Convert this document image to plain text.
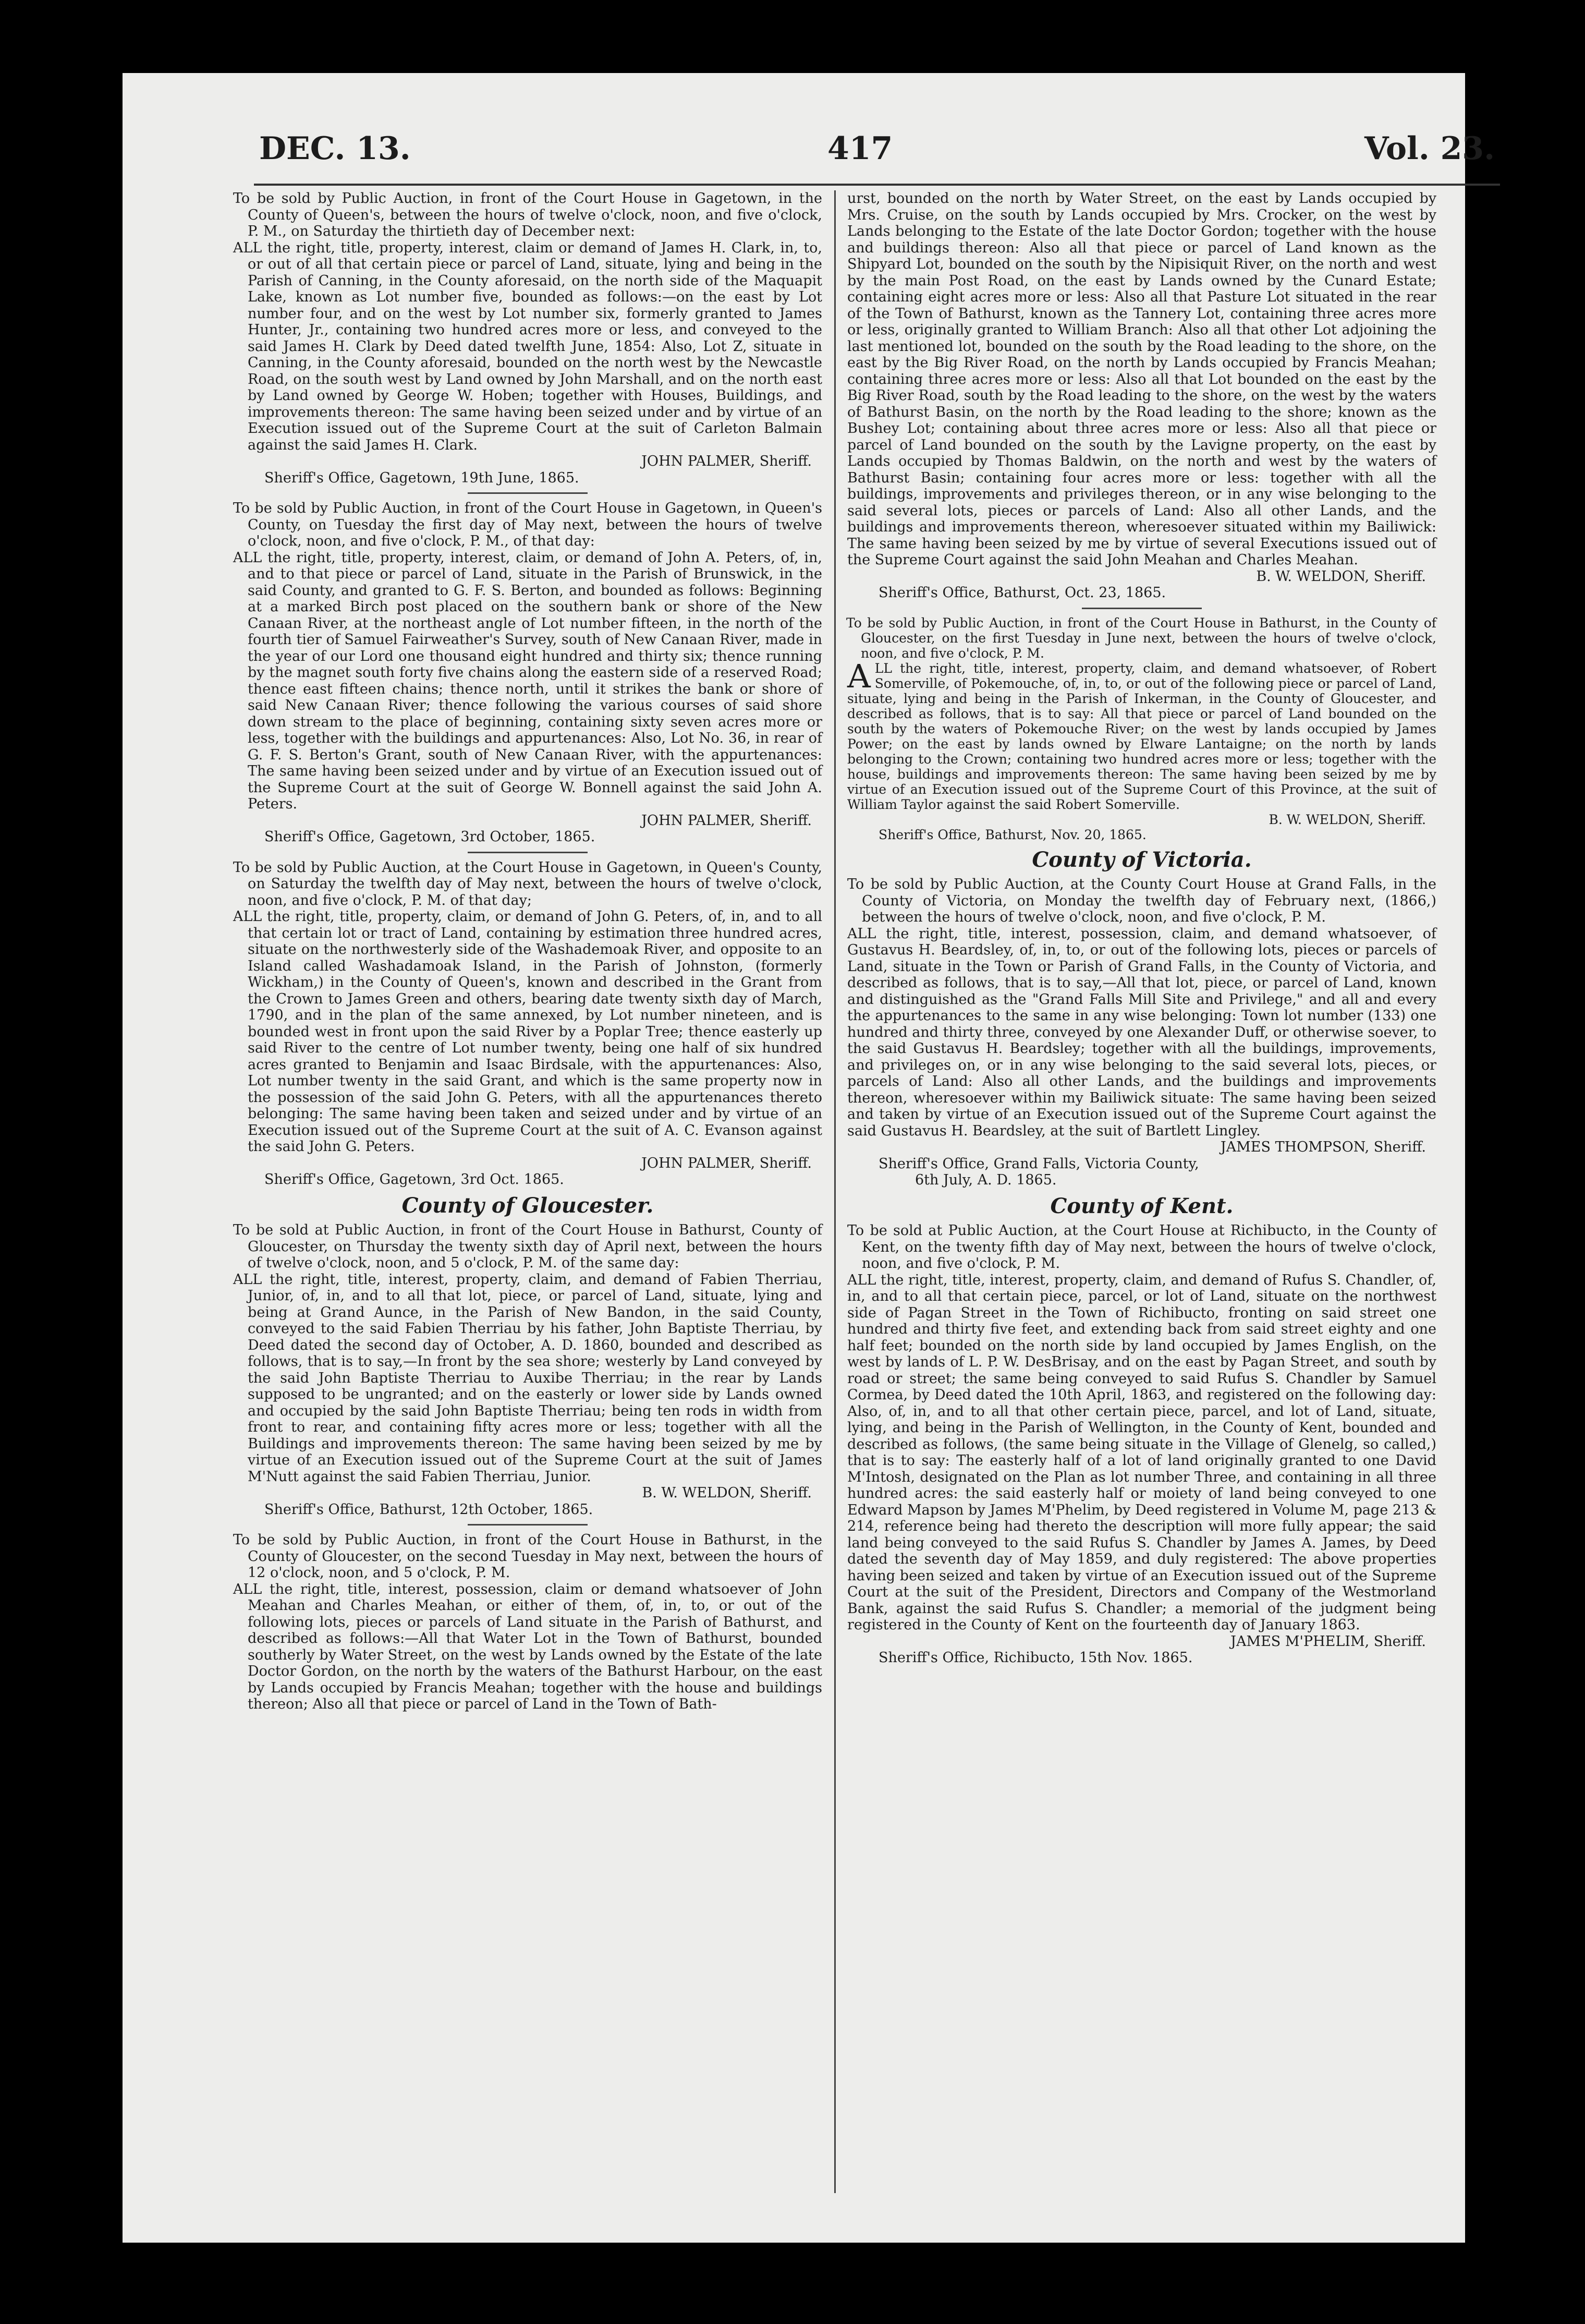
DEC. 13.	417	Vol. 23.

To be sold by Public Auction, in front of the Court House in Gagetown, in the County of Queen's, between the hours of twelve o'clock, noon, and five o'clock, P. M., on Saturday the thirtieth day of December next:

ALL the right, title, property, interest, claim or demand of James H. Clark, in, to, or out of all that certain piece or parcel of Land, situate, lying and being in the Parish of Canning, in the County aforesaid, on the north side of the Maquapit Lake, known as Lot number five, bounded as follows:—on the east by Lot number four, and on the west by Lot number six, formerly granted to James Hunter, Jr., containing two hundred acres more or less, and conveyed to the said James H. Clark by Deed dated twelfth June, 1854: Also, Lot Z, situate in Canning, in the County aforesaid, bounded on the north west by the Newcastle Road, on the south west by Land owned by John Marshall, and on the north east by Land owned by George W. Hoben; together with Houses, Buildings, and improvements thereon: The same having been seized under and by virtue of an Execution issued out of the Supreme Court at the suit of Carleton Balmain against the said James H. Clark.

JOHN PALMER, Sheriff.

Sheriff's Office, Gagetown, 19th June, 1865.

To be sold by Public Auction, in front of the Court House in Gagetown, in Queen's County, on Tuesday the first day of May next, between the hours of twelve o'clock, noon, and five o'clock, P. M., of that day:

ALL the right, title, property, interest, claim, or demand of John A. Peters, of, in, and to that piece or parcel of Land, situate in the Parish of Brunswick, in the said County, and granted to G. F. S. Berton, and bounded as follows: Beginning at a marked Birch post placed on the southern bank or shore of the New Canaan River, at the northeast angle of Lot number fifteen, in the north of the fourth tier of Samuel Fairweather's Survey, south of New Canaan River, made in the year of our Lord one thousand eight hundred and thirty six; thence running by the magnet south forty five chains along the eastern side of a reserved Road; thence east fifteen chains; thence north, until it strikes the bank or shore of said New Canaan River; thence following the various courses of said shore down stream to the place of beginning, containing sixty seven acres more or less, together with the buildings and appurtenances: Also, Lot No. 36, in rear of G. F. S. Berton's Grant, south of New Canaan River, with the appurtenances: The same having been seized under and by virtue of an Execution issued out of the Supreme Court at the suit of George W. Bonnell against the said John A. Peters.

JOHN PALMER, Sheriff.

Sheriff's Office, Gagetown, 3rd October, 1865.

To be sold by Public Auction, at the Court House in Gagetown, in Queen's County, on Saturday the twelfth day of May next, between the hours of twelve o'clock, noon, and five o'clock, P. M. of that day;

ALL the right, title, property, claim, or demand of John G. Peters, of, in, and to all that certain lot or tract of Land, containing by estimation three hundred acres, situate on the northwesterly side of the Washademoak River, and opposite to an Island called Washadamoak Island, in the Parish of Johnston, (formerly Wickham,) in the County of Queen's, known and described in the Grant from the Crown to James Green and others, bearing date twenty sixth day of March, 1790, and in the plan of the same annexed, by Lot number nineteen, and is bounded west in front upon the said River by a Poplar Tree; thence easterly up said River to the centre of Lot number twenty, being one half of six hundred acres granted to Benjamin and Isaac Birdsale, with the appurtenances: Also, Lot number twenty in the said Grant, and which is the same property now in the possession of the said John G. Peters, with all the appurtenances thereto belonging: The same having been taken and seized under and by virtue of an Execution issued out of the Supreme Court at the suit of A. C. Evanson against the said John G. Peters.

JOHN PALMER, Sheriff.

Sheriff's Office, Gagetown, 3rd Oct. 1865.

County of Gloucester.

To be sold at Public Auction, in front of the Court House in Bathurst, County of Gloucester, on Thursday the twenty sixth day of April next, between the hours of twelve o'clock, noon, and 5 o'clock, P. M. of the same day:

ALL the right, title, interest, property, claim, and demand of Fabien Therriau, Junior, of, in, and to all that lot, piece, or parcel of Land, situate, lying and being at Grand Aunce, in the Parish of New Bandon, in the said County, conveyed to the said Fabien Therriau by his father, John Baptiste Therriau, by Deed dated the second day of October, A. D. 1860, bounded and described as follows, that is to say,—In front by the sea shore; westerly by Land conveyed by the said John Baptiste Therriau to Auxibe Therriau; in the rear by Lands supposed to be ungranted; and on the easterly or lower side by Lands owned and occupied by the said John Baptiste Therriau; being ten rods in width from front to rear, and containing fifty acres more or less; together with all the Buildings and improvements thereon: The same having been seized by me by virtue of an Execution issued out of the Supreme Court at the suit of James M'Nutt against the said Fabien Therriau, Junior.

B. W. WELDON, Sheriff.

Sheriff's Office, Bathurst, 12th October, 1865.

To be sold by Public Auction, in front of the Court House in Bathurst, in the County of Gloucester, on the second Tuesday in May next, between the hours of 12 o'clock, noon, and 5 o'clock, P. M.

ALL the right, title, interest, possession, claim or demand whatsoever of John Meahan and Charles Meahan, or either of them, of, in, to, or out of the following lots, pieces or parcels of Land situate in the Parish of Bathurst, and described as follows:—All that Water Lot in the Town of Bathurst, bounded southerly by Water Street, on the west by Lands owned by the Estate of the late Doctor Gordon, on the north by the waters of the Bathurst Harbour, on the east by Lands occupied by Francis Meahan; together with the house and buildings thereon; Also all that piece or parcel of Land in the Town of Bath-

urst, bounded on the north by Water Street, on the east by Lands occupied by Mrs. Cruise, on the south by Lands occupied by Mrs. Crocker, on the west by Lands belonging to the Estate of the late Doctor Gordon; together with the house and buildings thereon: Also all that piece or parcel of Land known as the Shipyard Lot, bounded on the south by the Nipisiquit River, on the north and west by the main Post Road, on the east by Lands owned by the Cunard Estate; containing eight acres more or less: Also all that Pasture Lot situated in the rear of the Town of Bathurst, known as the Tannery Lot, containing three acres more or less, originally granted to William Branch: Also all that other Lot adjoining the last mentioned lot, bounded on the south by the Road leading to the shore, on the east by the Big River Road, on the north by Lands occupied by Francis Meahan; containing three acres more or less: Also all that Lot bounded on the east by the Big River Road, south by the Road leading to the shore, on the west by the waters of Bathurst Basin, on the north by the Road leading to the shore; known as the Bushey Lot; containing about three acres more or less: Also all that piece or parcel of Land bounded on the south by the Lavigne property, on the east by Lands occupied by Thomas Baldwin, on the north and west by the waters of Bathurst Basin; containing four acres more or less: together with all the buildings, improvements and privileges thereon, or in any wise belonging to the said several lots, pieces or parcels of Land: Also all other Lands, and the buildings and improvements thereon, wheresoever situated within my Bailiwick: The same having been seized by me by virtue of several Executions issued out of the Supreme Court against the said John Meahan and Charles Meahan.

B. W. WELDON, Sheriff.

Sheriff's Office, Bathurst, Oct. 23, 1865.

To be sold by Public Auction, in front of the Court House in Bathurst, in the County of Gloucester, on the first Tuesday in June next, between the hours of twelve o'clock, noon, and five o'clock, P. M.

ALL the right, title, interest, property, claim, and demand whatsoever, of Robert Somerville, of Pokemouche, of, in, to, or out of the following piece or parcel of Land, situate, lying and being in the Parish of Inkerman, in the County of Gloucester, and described as follows, that is to say: All that piece or parcel of Land bounded on the south by the waters of Pokemouche River; on the west by lands occupied by James Power; on the east by lands owned by Elware Lantaigne; on the north by lands belonging to the Crown; containing two hundred acres more or less; together with the house, buildings and improvements thereon: The same having been seized by me by virtue of an Execution issued out of the Supreme Court of this Province, at the suit of William Taylor against the said Robert Somerville.

B. W. WELDON, Sheriff.

Sheriff's Office, Bathurst, Nov. 20, 1865.

County of Victoria.

To be sold by Public Auction, at the County Court House at Grand Falls, in the County of Victoria, on Monday the twelfth day of February next, (1866,) between the hours of twelve o'clock, noon, and five o'clock, P. M.

ALL the right, title, interest, possession, claim, and demand whatsoever, of Gustavus H. Beardsley, of, in, to, or out of the following lots, pieces or parcels of Land, situate in the Town or Parish of Grand Falls, in the County of Victoria, and described as follows, that is to say,—All that lot, piece, or parcel of Land, known and distinguished as the "Grand Falls Mill Site and Privilege," and all and every the appurtenances to the same in any wise belonging: Town lot number (133) one hundred and thirty three, conveyed by one Alexander Duff, or otherwise soever, to the said Gustavus H. Beardsley; together with all the buildings, improvements, and privileges on, or in any wise belonging to the said several lots, pieces, or parcels of Land: Also all other Lands, and the buildings and improvements thereon, wheresoever within my Bailiwick situate: The same having been seized and taken by virtue of an Execution issued out of the Supreme Court against the said Gustavus H. Beardsley, at the suit of Bartlett Lingley.

JAMES THOMPSON, Sheriff.

Sheriff's Office, Grand Falls, Victoria County,

6th July, A. D. 1865.

County of Kent.

To be sold at Public Auction, at the Court House at Richibucto, in the County of Kent, on the twenty fifth day of May next, between the hours of twelve o'clock, noon, and five o'clock, P. M.

ALL the right, title, interest, property, claim, and demand of Rufus S. Chandler, of, in, and to all that certain piece, parcel, or lot of Land, situate on the northwest side of Pagan Street in the Town of Richibucto, fronting on said street one hundred and thirty five feet, and extending back from said street eighty and one half feet; bounded on the north side by land occupied by James English, on the west by lands of L. P. W. DesBrisay, and on the east by Pagan Street, and south by road or street; the same being conveyed to said Rufus S. Chandler by Samuel Cormea, by Deed dated the 10th April, 1863, and registered on the following day: Also, of, in, and to all that other certain piece, parcel, and lot of Land, situate, lying, and being in the Parish of Wellington, in the County of Kent, bounded and described as follows, (the same being situate in the Village of Glenelg, so called,) that is to say: The easterly half of a lot of land originally granted to one David M'Intosh, designated on the Plan as lot number Three, and containing in all three hundred acres: the said easterly half or moiety of land being conveyed to one Edward Mapson by James M'Phelim, by Deed registered in Volume M, page 213 & 214, reference being had thereto the description will more fully appear; the said land being conveyed to the said Rufus S. Chandler by James A. James, by Deed dated the seventh day of May 1859, and duly registered: The above properties having been seized and taken by virtue of an Execution issued out of the Supreme Court at the suit of the President, Directors and Company of the Westmorland Bank, against the said Rufus S. Chandler; a memorial of the judgment being registered in the County of Kent on the fourteenth day of January 1863.

JAMES M'PHELIM, Sheriff.

Sheriff's Office, Richibucto, 15th Nov. 1865.
